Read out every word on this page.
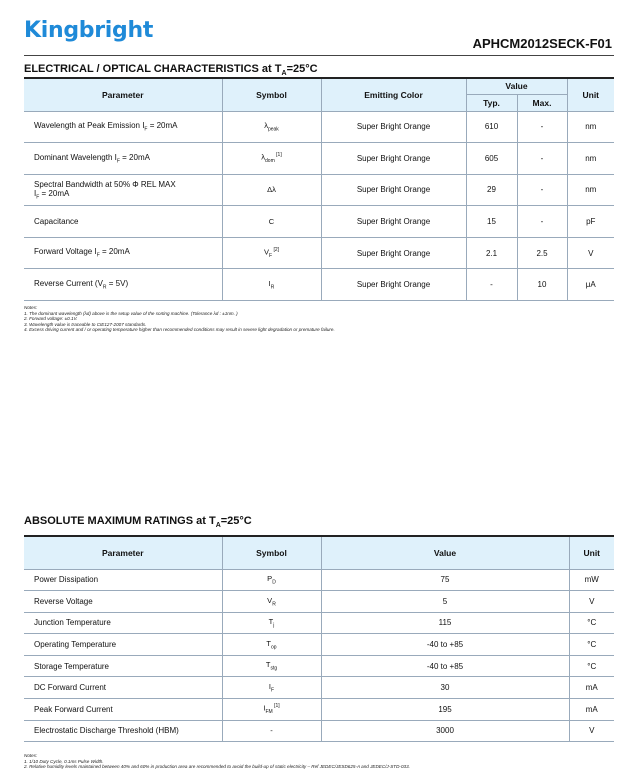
Kingbright
APHCM2012SECK-F01
ELECTRICAL / OPTICAL CHARACTERISTICS at $T_A=25^\circ C$
Parameter	Symbol	Emitting Color	Value		Unit
			Typ.	Max.	
Wavelength at Peak Emission $I_F = 20mA$	$\lambda_{peak}$	Super Bright Orange	610	-	nm
Dominant Wavelength $I_F = 20mA$	$\lambda_{dom}$ [1]	Super Bright Orange	605	-	nm
Spectral Bandwidth at 50% Φ REL MAX
$I_F = 20mA$	Δλ	Super Bright Orange	29	-	nm
Capacitance	C	Super Bright Orange	15	-	pF
Forward Voltage $I_F = 20mA$	$V_F$ [2]	Super Bright Orange	2.1	2.5	V
Reverse Current $(V_R = 5V)$	$I_R$	Super Bright Orange	-	10	μA
Notes:
1. The dominant wavelength (λd) above is the setup value of the sorting machine. (Tolerance λd : ±1nm. )
2. Forward voltage: ±0.1V.
3. Wavelength value is traceable to CIE127-2007 standards.
4. Excess driving current and / or operating temperature higher than recommended conditions may result in severe light degradation or premature failure.
ABSOLUTE MAXIMUM RATINGS at $T_A=25^\circ C$
Parameter	Symbol	Value	Unit
Power Dissipation	$P_D$	75	mW
Reverse Voltage	$V_R$	5	V
Junction Temperature	$T_j$	115	°C
Operating Temperature	$T_{op}$	-40 to +85	°C
Storage Temperature	$T_{stg}$	-40 to +85	°C
DC Forward Current	$I_F$	30	mA
Peak Forward Current	$I_{FM}$ [1]	195	mA
Electrostatic Discharge Threshold (HBM)	-	3000	V
Notes:
1. 1/10 Duty Cycle, 0.1ms Pulse Width.
2. Relative humidity levels maintained between 40% and 60% in production area are recommended to avoid the build-up of static electricity – Ref JEDEC/JESD625-A and JEDEC/J-STD-033.
